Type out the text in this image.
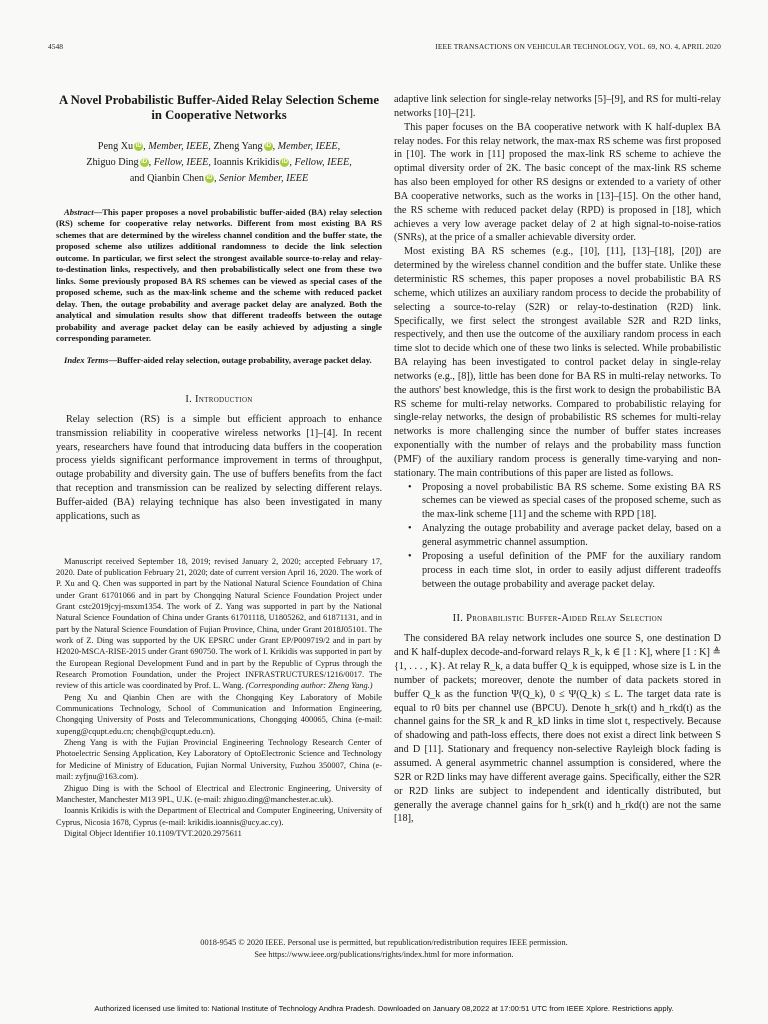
4548	IEEE TRANSACTIONS ON VEHICULAR TECHNOLOGY, VOL. 69, NO. 4, APRIL 2020
A Novel Probabilistic Buffer-Aided Relay Selection Scheme in Cooperative Networks
Peng Xu iD , Member, IEEE, Zheng Yang iD , Member, IEEE,
Zhiguo Ding iD , Fellow, IEEE, Ioannis Krikidis iD , Fellow, IEEE,
and Qianbin Chen iD , Senior Member, IEEE
Abstract—This paper proposes a novel probabilistic buffer-aided (BA) relay selection (RS) scheme for cooperative relay networks. Different from most existing BA RS schemes that are determined by the wireless channel condition and the buffer state, the proposed scheme also utilizes additional randomness to decide the link selection outcome. In particular, we first select the strongest available source-to-relay and relay-to-destination links, respectively, and then probabilistically select one from these two links. Some previously proposed BA RS schemes can be viewed as special cases of the proposed scheme, such as the max-link scheme and the scheme with reduced packet delay. Then, the outage probability and average packet delay are analyzed. Both the analytical and simulation results show that different tradeoffs between the outage probability and average packet delay can be easily achieved by adjusting a single corresponding parameter.
Index Terms—Buffer-aided relay selection, outage probability, average packet delay.
I. Introduction

Relay selection (RS) is a simple but efficient approach to enhance transmission reliability in cooperative wireless networks [1]–[4]. In recent years, researchers have found that introducing data buffers in the cooperation process yields significant performance improvement in terms of throughput, outage probability and diversity gain. The use of buffers benefits from the fact that reception and transmission can be realized by selecting different relays. Buffer-aided (BA) relaying technique has also been investigated in many applications, such as

Manuscript received September 18, 2019; revised January 2, 2020; accepted February 17, 2020. Date of publication February 21, 2020; date of current version April 16, 2020. The work of P. Xu and Q. Chen was supported in part by the National Natural Science Foundation of China under Grant 61701066 and in part by Chongqing Natural Science Foundation Project under Grant cstc2019jcyj-msxm1354. The work of Z. Yang was supported in part by the National Natural Science Foundation of China under Grants 61701118, U1805262, and 61871131, and in part by the Natural Science Foundation of Fujian Province, China, under Grant 2018J05101. The work of Z. Ding was supported by the UK EPSRC under Grant EP/P009719/2 and in part by H2020-MSCA-RISE-2015 under Grant 690750. The work of I. Krikidis was supported in part by the European Regional Development Fund and in part by the Republic of Cyprus through the Research Promotion Foundation, under the Project INFRASTRUCTURES/1216/0017. The review of this article was coordinated by Prof. L. Wang. (Corresponding author: Zheng Yang.)

Peng Xu and Qianbin Chen are with the Chongqing Key Laboratory of Mobile Communications Technology, School of Communication and Information Engineering, Chongqing University of Posts and Telecommunications, Chongqing 400065, China (e-mail: xupeng@cqupt.edu.cn; chenqb@cqupt.edu.cn).

Zheng Yang is with the Fujian Provincial Engineering Technology Research Center of Photoelectric Sensing Application, Key Laboratory of OptoElectronic Science and Technology for Medicine of Ministry of Education, Fujian Normal University, Fuzhou 350007, China (e-mail: zyfjnu@163.com).

Zhiguo Ding is with the School of Electrical and Electronic Engineering, University of Manchester, Manchester M13 9PL, U.K. (e-mail: zhiguo.ding@manchester.ac.uk).

Ioannis Krikidis is with the Department of Electrical and Computer Engineering, University of Cyprus, Nicosia 1678, Cyprus (e-mail: krikidis.ioannis@ucy.ac.cy).

Digital Object Identifier 10.1109/TVT.2020.2975611

adaptive link selection for single-relay networks [5]–[9], and RS for multi-relay networks [10]–[21].

This paper focuses on the BA cooperative network with K half-duplex BA relay nodes. For this relay network, the max-max RS scheme was first proposed in [10]. The work in [11] proposed the max-link RS scheme to achieve the optimal diversity order of 2K. The basic concept of the max-link RS scheme has also been employed for other RS designs or extended to a variety of other BA cooperative networks, such as the works in [13]–[15]. On the other hand, the RS scheme with reduced packet delay (RPD) is proposed in [18], which achieves a very low average packet delay of 2 at high signal-to-noise-ratios (SNRs), at the price of a smaller achievable diversity order.

Most existing BA RS schemes (e.g., [10], [11], [13]–[18], [20]) are determined by the wireless channel condition and the buffer state. Unlike these deterministic RS schemes, this paper proposes a novel probabilistic BA RS scheme, which utilizes an auxiliary random process to decide the probability of selecting a source-to-relay (S2R) or relay-to-destination (R2D) link. Specifically, we first select the strongest available S2R and R2D links, respectively, and then use the outcome of the auxiliary random process in each time slot to decide which one of these two links is selected. While probabilistic BA relaying has been investigated to control packet delay in single-relay networks (e.g., [8]), little has been done for BA RS in multi-relay networks. To the authors' best knowledge, this is the first work to design the probabilistic BA RS scheme for multi-relay networks. Compared to probabilistic relaying for single-relay networks, the design of probabilistic RS schemes for multi-relay networks is more challenging since the number of buffer states increases exponentially with the number of relays and the probability mass function (PMF) of the auxiliary random process is generally time-varying and non-stationary. The main contributions of this paper are listed as follows.

• Proposing a novel probabilistic BA RS scheme. Some existing BA RS schemes can be viewed as special cases of the proposed scheme, such as the max-link scheme [11] and the scheme with RPD [18].
• Analyzing the outage probability and average packet delay, based on a general asymmetric channel assumption.
• Proposing a useful definition of the PMF for the auxiliary random process in each time slot, in order to easily adjust different tradeoffs between the outage probability and average packet delay.
II. Probabilistic Buffer-Aided Relay Selection

The considered BA relay network includes one source S, one destination D and K half-duplex decode-and-forward relays R_k, k ∈ [1 : K], where [1 : K] ≜ {1, . . . , K}. At relay R_k, a data buffer Q_k is equipped, whose size is L in the number of packets; moreover, denote the number of data packets stored in buffer Q_k as the function Ψ(Q_k), 0 ≤ Ψ(Q_k) ≤ L. The target data rate is equal to r0 bits per channel use (BPCU). Denote h_srk(t) and h_rkd(t) as the channel gains for the SR_k and R_kD links in time slot t, respectively. Because of shadowing and path-loss effects, there does not exist a direct link between S and D [11]. Stationary and frequency non-selective Rayleigh block fading is assumed. A general asymmetric channel assumption is considered, where the S2R or R2D links may have different average gains. Specifically, either the S2R or R2D links are subject to independent and identically distributed, but generally the average channel gains for h_srk(t) and h_rkd(t) are not the same [18],

0018-9545 © 2020 IEEE. Personal use is permitted, but republication/redistribution requires IEEE permission.
See https://www.ieee.org/publications/rights/index.html for more information.
Authorized licensed use limited to: National Institute of Technology Andhra Pradesh. Downloaded on January 08,2022 at 17:00:51 UTC from IEEE Xplore. Restrictions apply.
